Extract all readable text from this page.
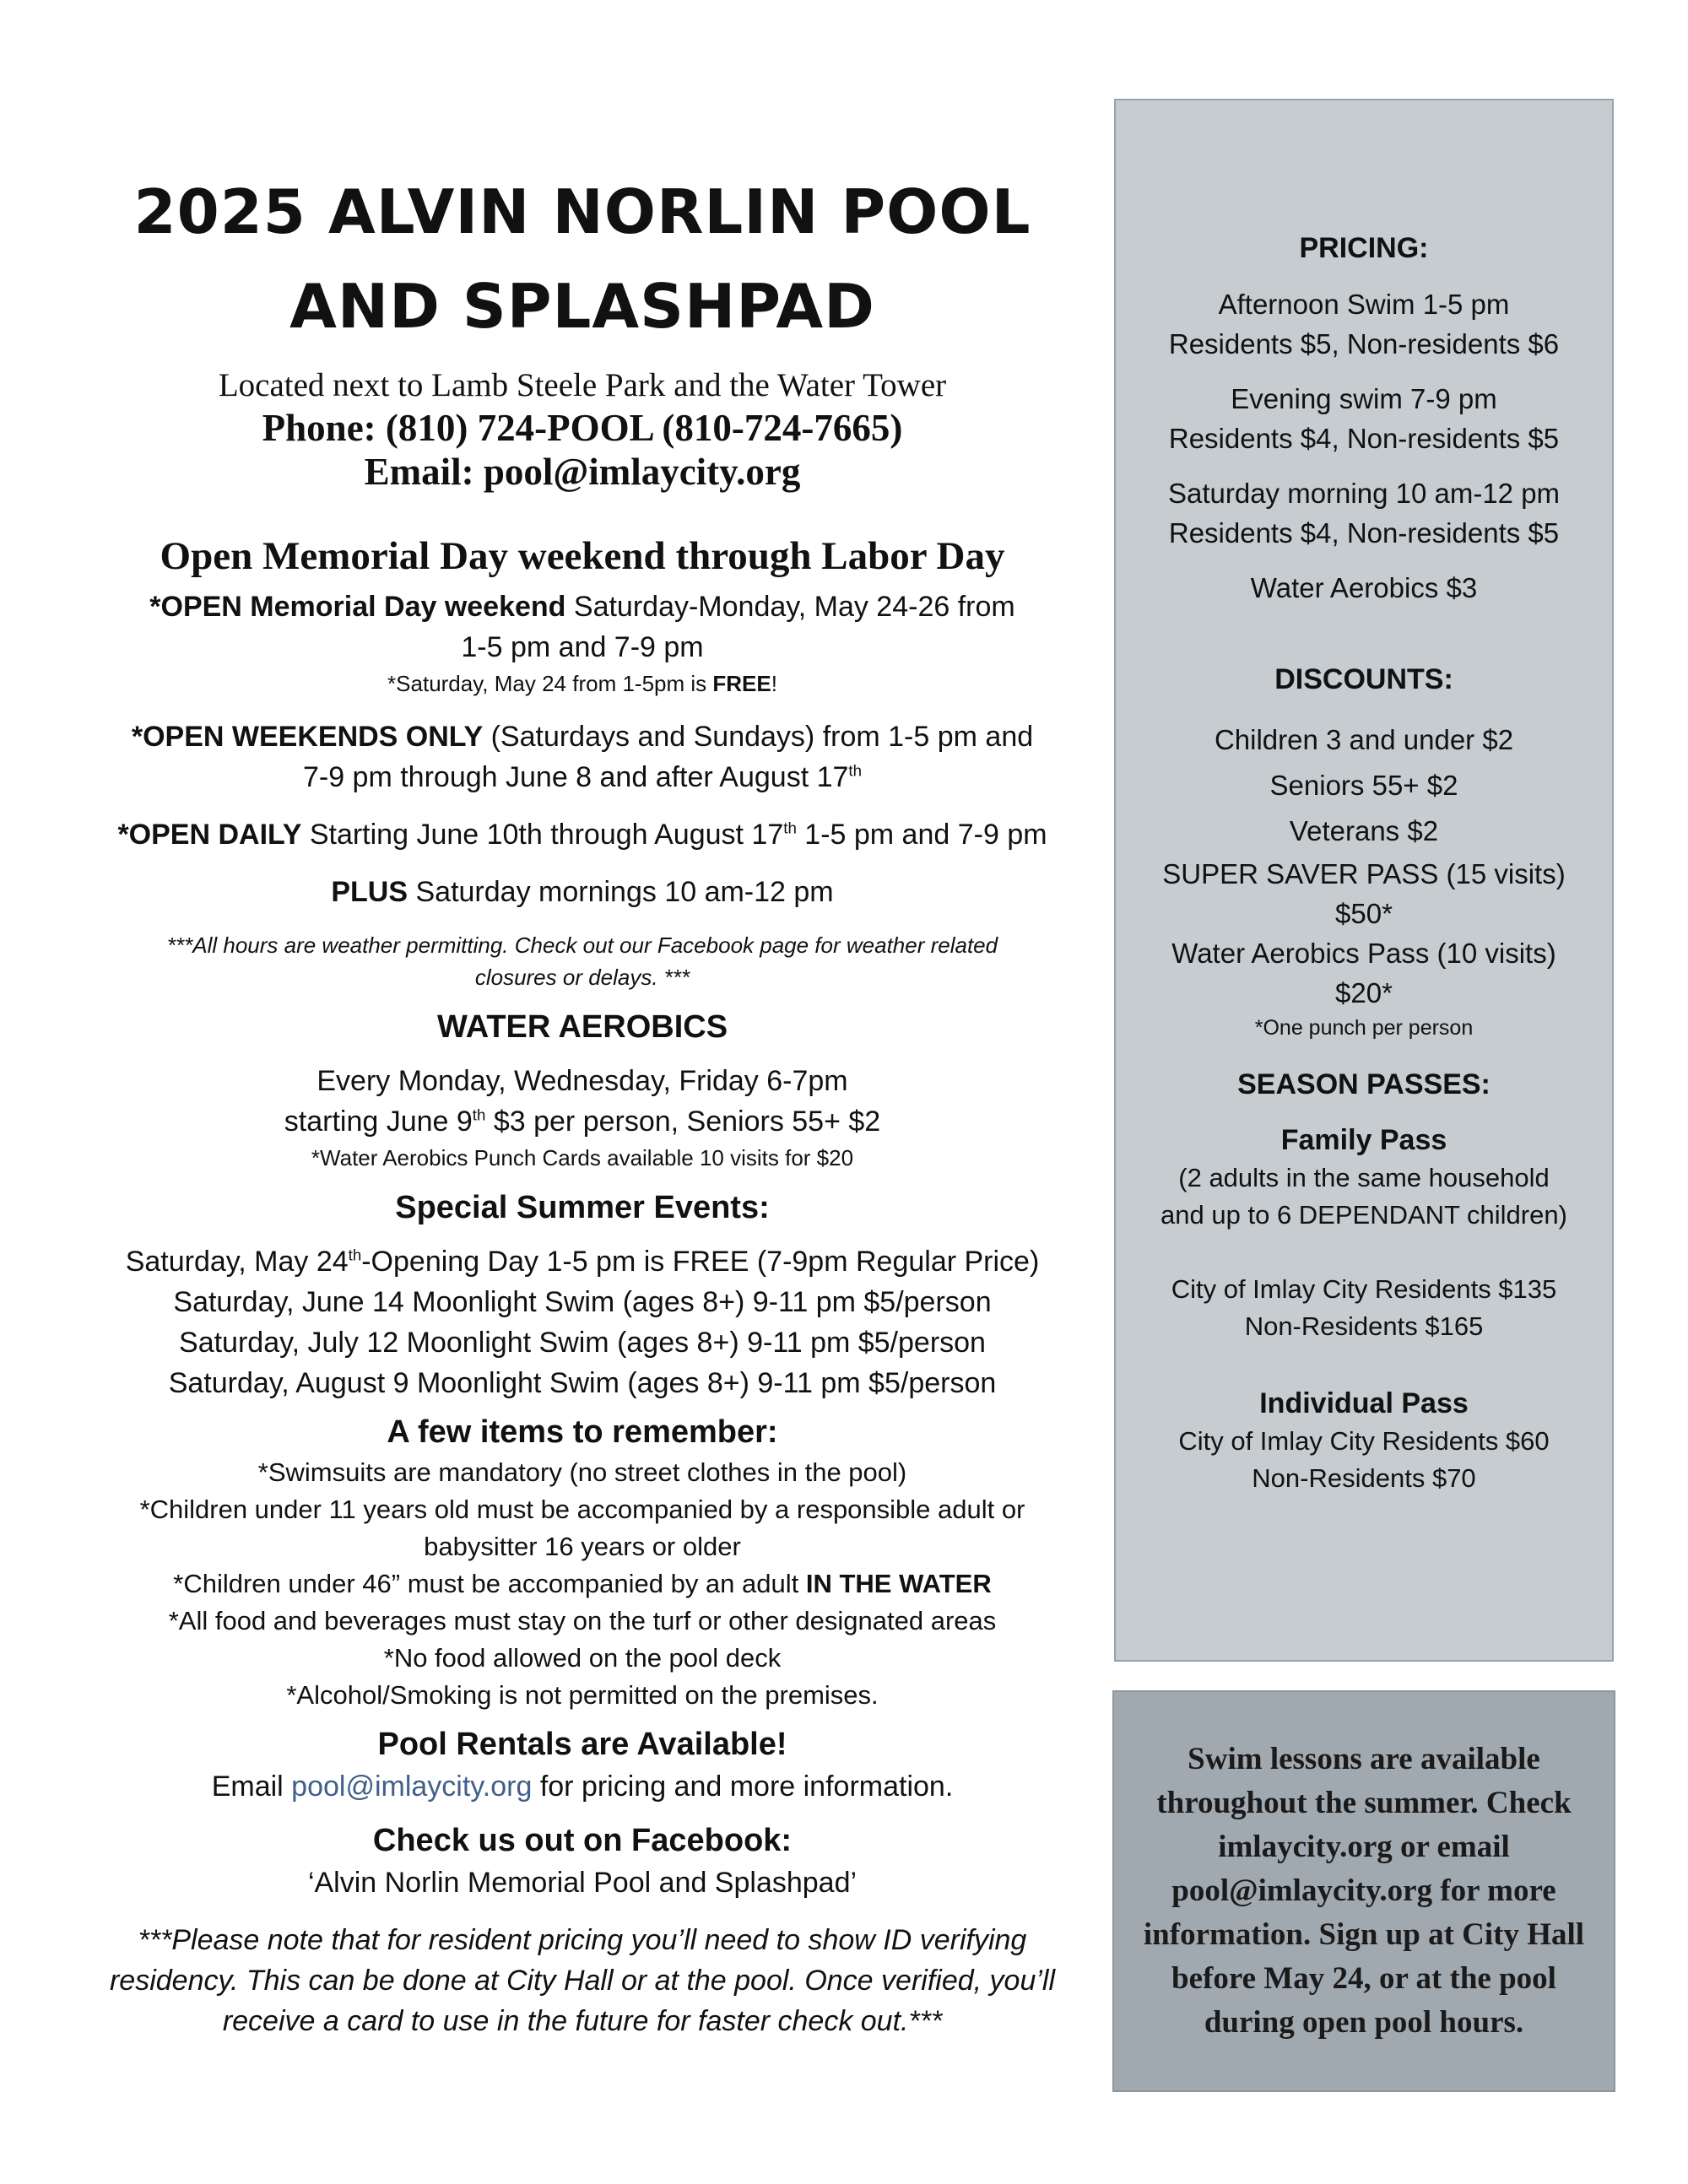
2025 ALVIN NORLIN POOL
AND SPLASHPAD
Located next to Lamb Steele Park and the Water Tower
Phone: (810) 724-POOL (810-724-7665)
Email: pool@imlaycity.org
Open Memorial Day weekend through Labor Day

*OPEN Memorial Day weekend Saturday-Monday, May 24-26 from
1-5 pm and 7-9 pm

*Saturday, May 24 from 1-5pm is FREE!

*OPEN WEEKENDS ONLY (Saturdays and Sundays) from 1-5 pm and
7-9 pm through June 8 and after August 17th

*OPEN DAILY Starting June 10th through August 17th 1-5 pm and 7-9 pm

PLUS Saturday mornings 10 am-12 pm

***All hours are weather permitting. Check out our Facebook page for weather related
closures or delays. ***

WATER AEROBICS

Every Monday, Wednesday, Friday 6-7pm
starting June 9th $3 per person, Seniors 55+ $2

*Water Aerobics Punch Cards available 10 visits for $20

Special Summer Events:

Saturday, May 24th-Opening Day 1-5 pm is FREE (7-9pm Regular Price)
Saturday, June 14 Moonlight Swim (ages 8+) 9-11 pm $5/person
Saturday, July 12 Moonlight Swim (ages 8+) 9-11 pm $5/person
Saturday, August 9 Moonlight Swim (ages 8+) 9-11 pm $5/person

A few items to remember:

*Swimsuits are mandatory (no street clothes in the pool)
*Children under 11 years old must be accompanied by a responsible adult or
babysitter 16 years or older
*Children under 46” must be accompanied by an adult IN THE WATER
*All food and beverages must stay on the turf or other designated areas
*No food allowed on the pool deck
*Alcohol/Smoking is not permitted on the premises.

Pool Rentals are Available!

Email pool@imlaycity.org for pricing and more information.

Check us out on Facebook:

‘Alvin Norlin Memorial Pool and Splashpad’

***Please note that for resident pricing you’ll need to show ID verifying
residency. This can be done at City Hall or at the pool. Once verified, you’ll
receive a card to use in the future for faster check out.***

PRICING:
Afternoon Swim 1-5 pm
Residents $5, Non-residents $6
Evening swim 7-9 pm
Residents $4, Non-residents $5
Saturday morning 10 am-12 pm
Residents $4, Non-residents $5
Water Aerobics $3
DISCOUNTS:
Children 3 and under $2
Seniors 55+ $2
Veterans $2
SUPER SAVER PASS (15 visits)
$50*
Water Aerobics Pass (10 visits)
$20*
*One punch per person
SEASON PASSES:
Family Pass
(2 adults in the same household
and up to 6 DEPENDANT children)
City of Imlay City Residents $135
Non-Residents $165
Individual Pass
City of Imlay City Residents $60
Non-Residents $70
Swim lessons are available throughout the summer. Check imlaycity.org or email pool@imlaycity.org for more information. Sign up at City Hall before May 24, or at the pool during open pool hours.
